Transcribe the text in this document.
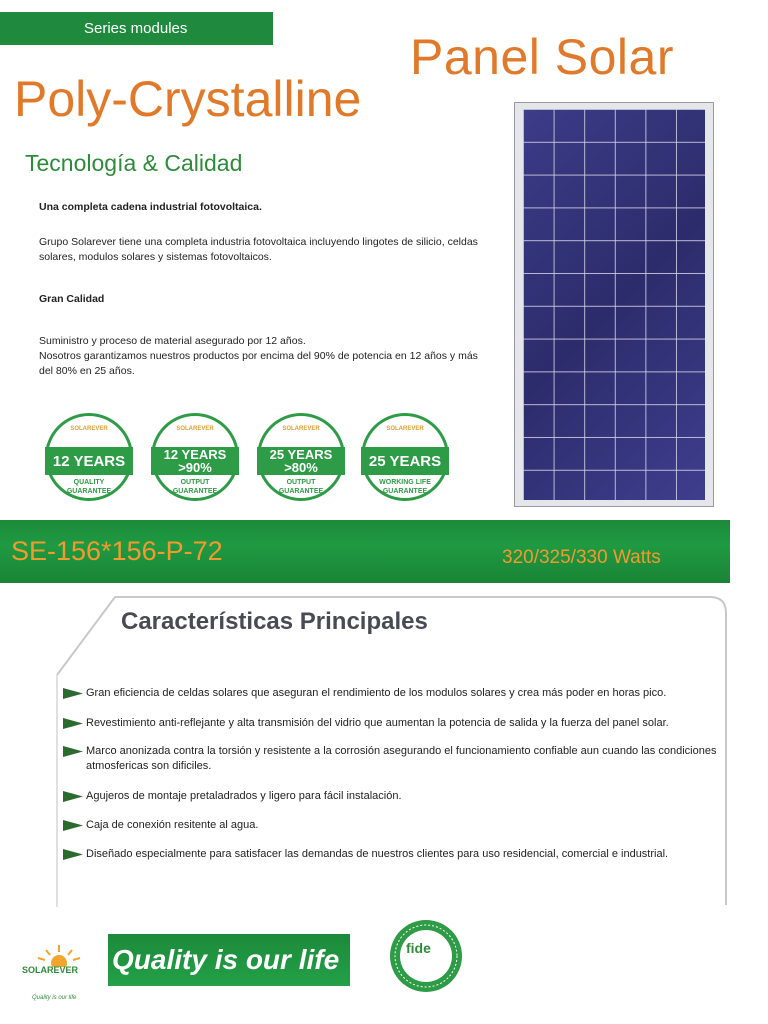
Series modules
Panel Solar
Poly-Crystalline
Tecnología & Calidad
Una completa cadena industrial fotovoltaica.
Grupo Solarever tiene una completa industria fotovoltaica incluyendo lingotes de silicio, celdas solares, modulos solares y sistemas fotovoltaicos.
Gran Calidad
Suministro y proceso de material asegurado por 12 años.
Nosotros garantizamos nuestros productos por encima del 90% de potencia en 12 años y más del 80% en 25 años.
SOLAREVER
12 YEARS
QUALITY
GUARANTEE
SOLAREVER
12 YEARS
>90%
OUTPUT
GUARANTEE
SOLAREVER
25 YEARS
>80%
OUTPUT
GUARANTEE
SOLAREVER
25 YEARS
WORKING LIFE
GUARANTEE
SE-156*156-P-72	320/325/330 Watts
Características Principales
Gran eficiencia de celdas solares que aseguran el rendimiento de los modulos solares y crea más poder en horas pico.
Revestimiento anti-reflejante y alta transmisión del vidrio que aumentan la potencia de salida y la fuerza del panel solar.
Marco anonizada contra la torsión y resistente a la corrosión asegurando el funcionamiento confiable aun cuando las condiciones atmosfericas son dificiles.
Agujeros de montaje pretaladrados y ligero para fácil instalación.
Caja de conexión resitente al agua.
Diseñado especialmente para satisfacer las demandas de nuestros clientes para uso residencial, comercial e industrial.
SOLAREVER
Quality is our life
Quality is our life	fide
